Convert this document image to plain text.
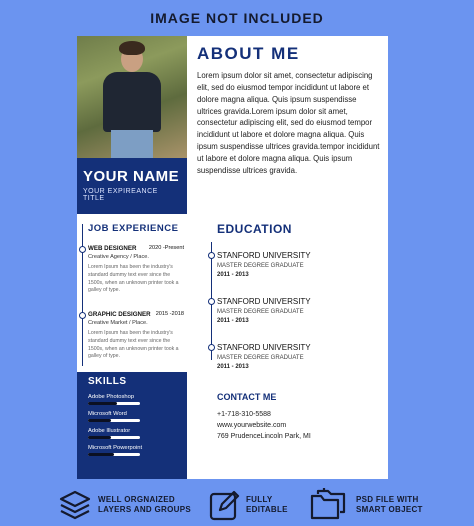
IMAGE NOT INCLUDED
YOUR NAME
YOUR EXPIREANCE TITLE
ABOUT ME
Lorem ipsum dolor sit amet, consectetur adipiscing elit, sed do eiusmod tempor incididunt ut labore et dolore magna aliqua. Quis ipsum suspendisse ultrices gravida.Lorem ipsum dolor sit amet, consectetur adipiscing elit, sed do eiusmod tempor incididunt ut labore et dolore magna aliqua. Quis ipsum suspendisse ultrices gravida.tempor incididunt ut labore et dolore magna aliqua. Quis ipsum suspendisse ultrices gravida.
JOB EXPERIENCE
WEB DESIGNER 2020 -Present
Creative Agency / Place.
Lorem Ipsum has been the industry's standard dummy text ever since the 1500s, when an unknown printer took a galley of type.
GRAPHIC DESIGNER 2015 -2018
Creative Market / Place.
Lorem Ipsum has been the industry's standard dummy text ever since the 1500s, when an unknown printer took a galley of type.
SKILLS
Adobe Photoshop
Microsoft Word
Adobe Illustrator
Microsoft Powerpoint
EDUCATION
STANFORD UNIVERSITY
MASTER DEGREE GRADUATE
2011 - 2013
STANFORD UNIVERSITY
MASTER DEGREE GRADUATE
2011 - 2013
STANFORD UNIVERSITY
MASTER DEGREE GRADUATE
2011 - 2013
CONTACT ME
+1-718-310-5588
www.yourwebsite.com
769 PrudenceLincoln Park, MI
WELL ORGNAIZED
LAYERS AND GROUPS
FULLY
EDITABLE
PSD FILE WITH
SMART OBJECT
